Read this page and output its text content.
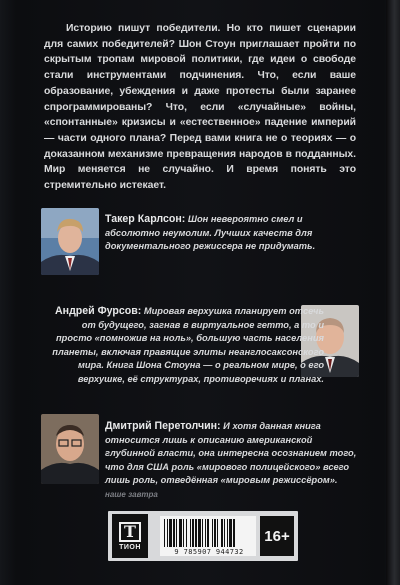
Историю пишут победители. Но кто пишет сценарии для самих победителей? Шон Стоун приглашает пройти по скрытым тропам мировой политики, где идеи о свободе стали инструментами подчинения. Что, если ваше образование, убеждения и даже протесты были заранее спрограммированы? Что, если «случайные» войны, «спонтанные» кризисы и «естественное» падение империй — части одного плана? Перед вами книга не о теориях — о доказанном механизме превращения народов в подданных. Мир меняется не случайно. И время понять это стремительно истекает.

Такер Карлсон: Шон невероятно смел и абсолютно неумолим. Лучших качеств для документального режиссера не придумать.
Андрей Фурсов: Мировая верхушка планирует отсечь от будущего, загнав в виртуальное гетто, а то и просто «помножив на ноль», большую часть населения планеты, включая правящие элиты неанглосаксонского мира. Книга Шона Стоуна — о реальном мире, о его верхушке, её структурах, противоречиях и планах.
Дмитрий Перетолчин: И хотя данная книга относится лишь к описанию американской глубинной власти, она интересна осознанием того, что для США роль «мирового полицейского» всего лишь роль, отведённая «мировым режиссёром». наше завтра
Т
ТИОН
9 785907 944732
16+
